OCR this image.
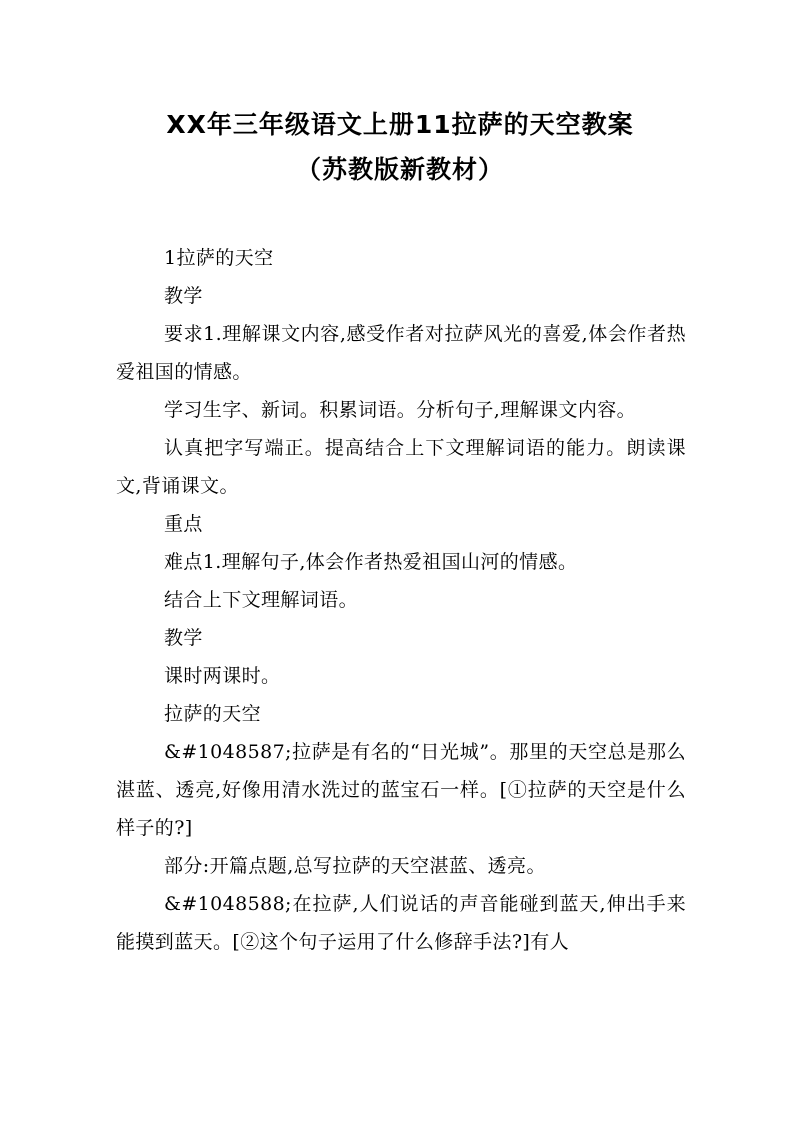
XX年三年级语文上册11拉萨的天空教案
（苏教版新教材）

1拉萨的天空

教学

要求1.理解课文内容,感受作者对拉萨风光的喜爱,体会作者热爱祖国的情感。

学习生字、新词。积累词语。分析句子,理解课文内容。

认真把字写端正。提高结合上下文理解词语的能力。朗读课文,背诵课文。

重点

难点1.理解句子,体会作者热爱祖国山河的情感。

结合上下文理解词语。

教学

课时两课时。

拉萨的天空

&#1048587;拉萨是有名的“日光城”。那里的天空总是那么湛蓝、透亮,好像用清水洗过的蓝宝石一样。[①拉萨的天空是什么样子的?]

部分:开篇点题,总写拉萨的天空湛蓝、透亮。

&#1048588;在拉萨,人们说话的声音能碰到蓝天,伸出手来能摸到蓝天。[②这个句子运用了什么修辞手法?]有人
